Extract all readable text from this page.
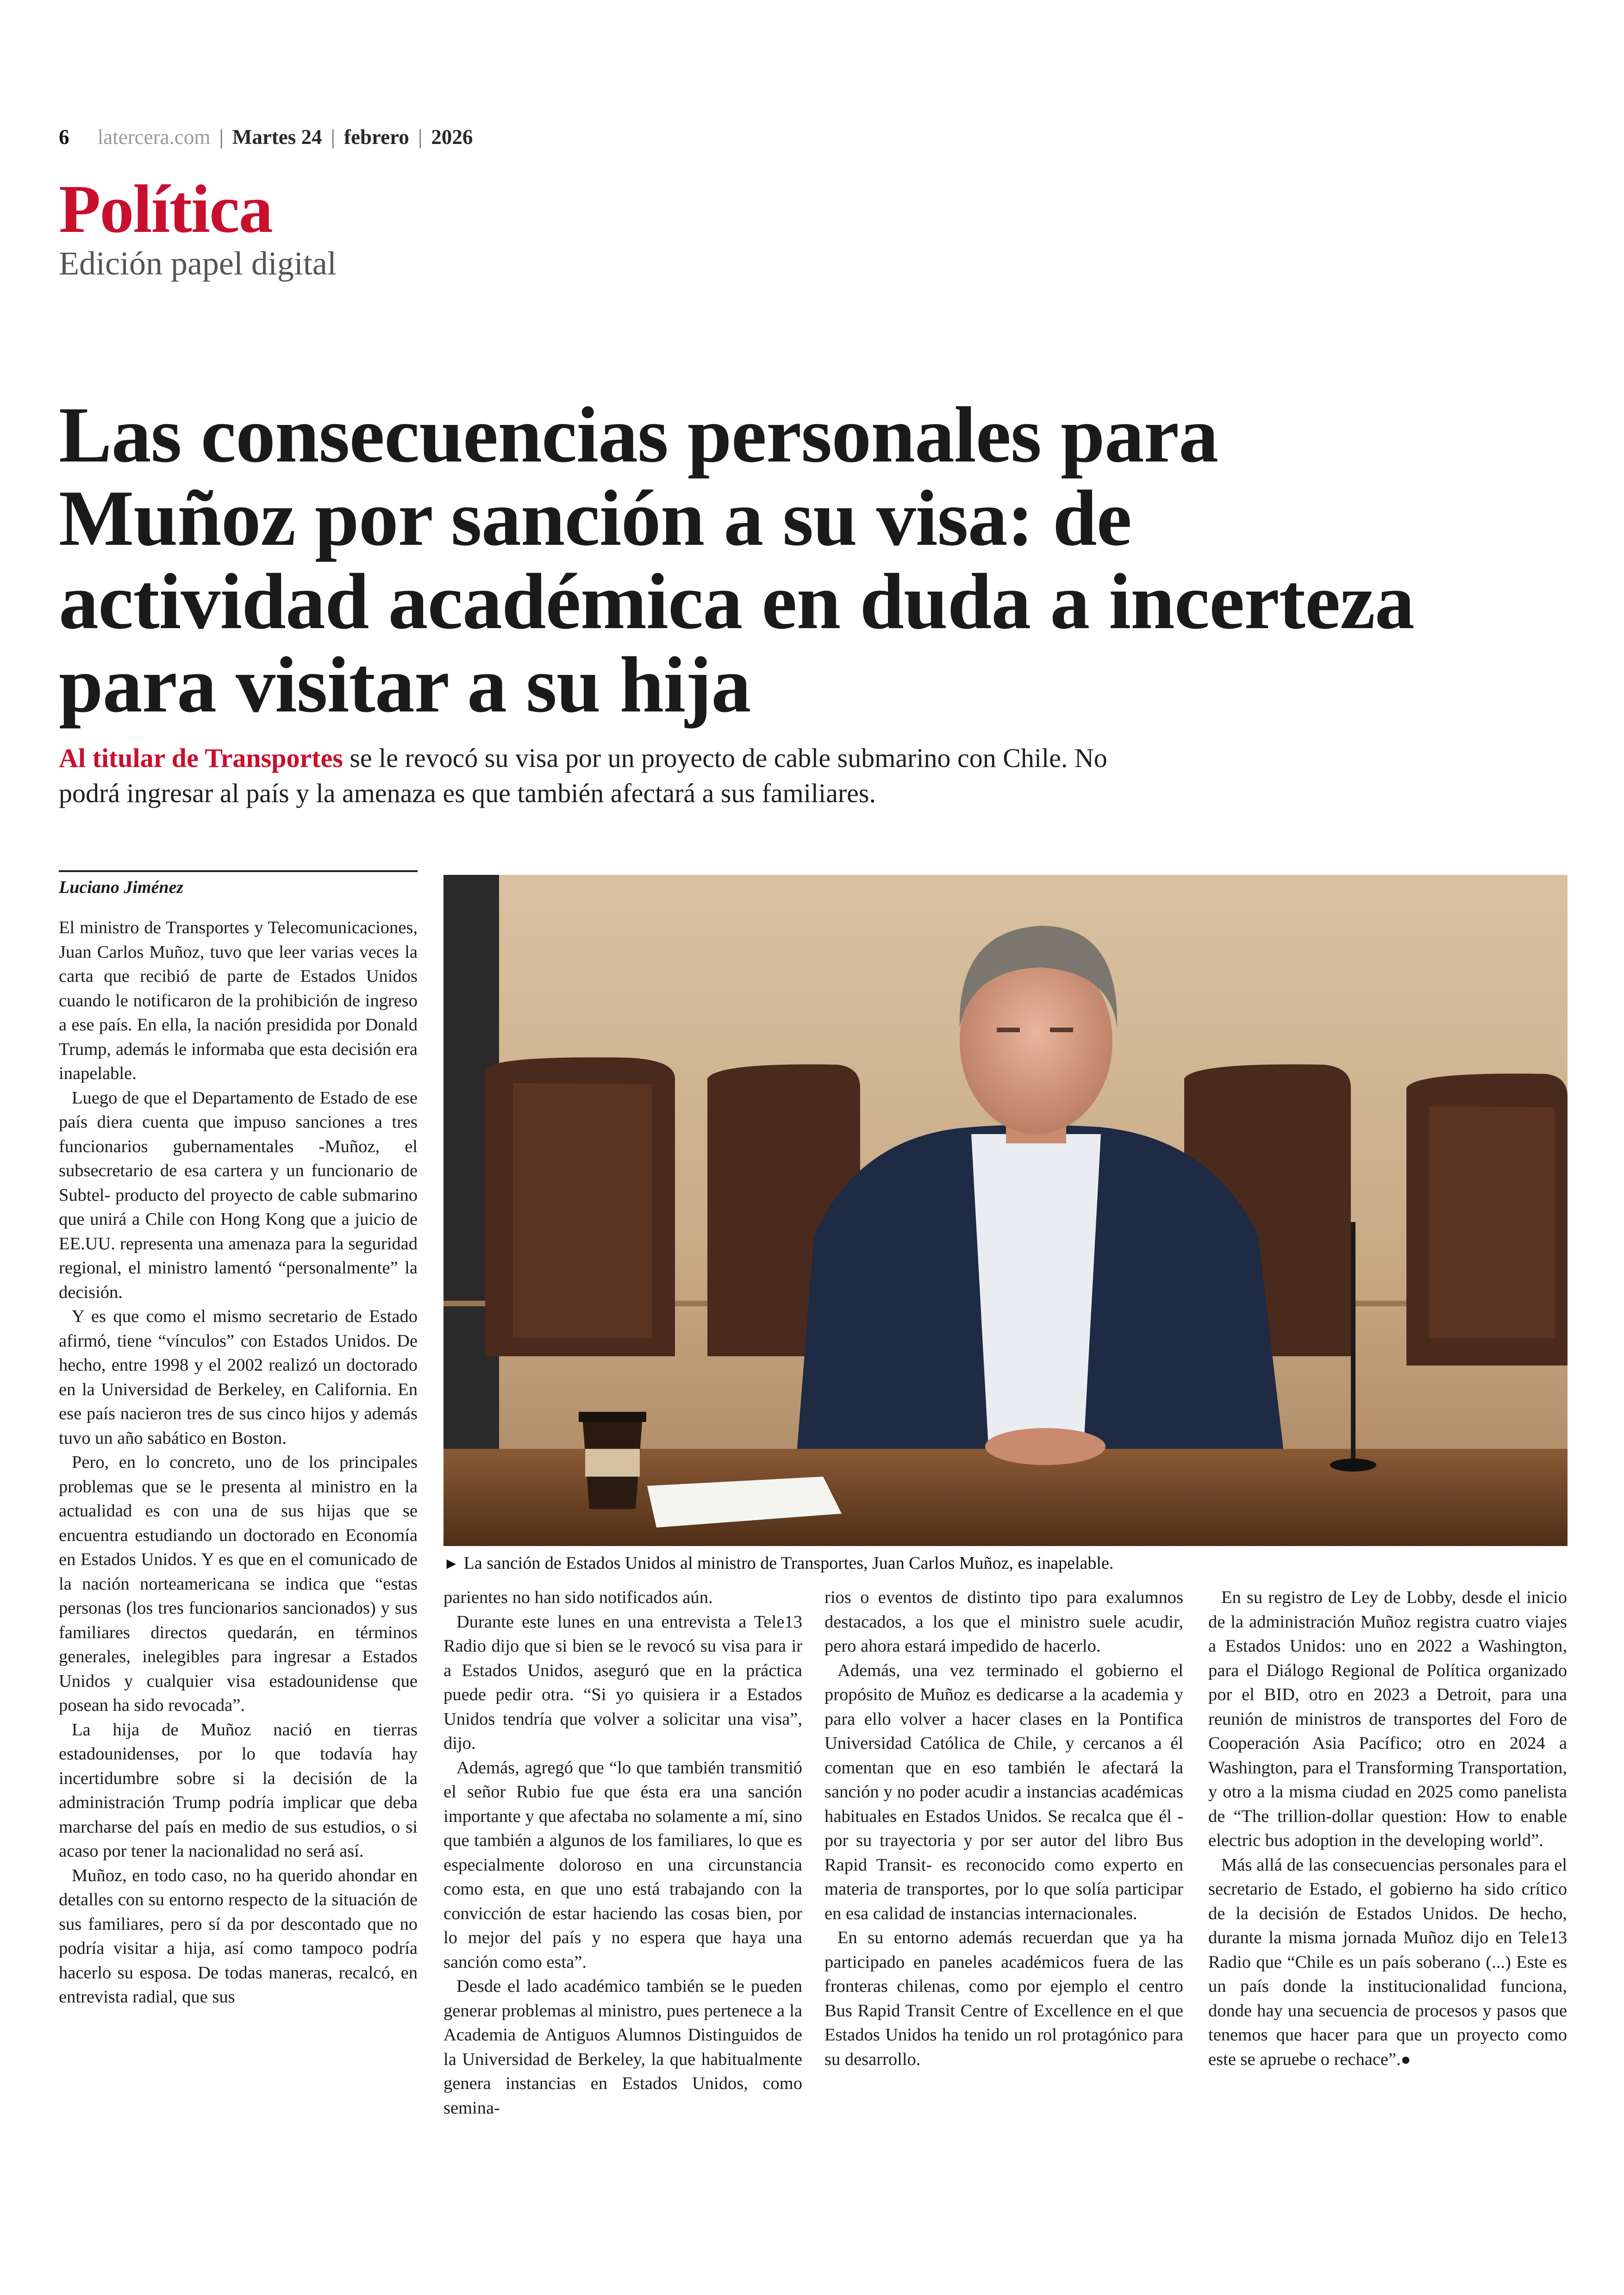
6 latercera.com | Martes 24 | febrero | 2026
Política
Edición papel digital
Las consecuencias personales para Muñoz por sanción a su visa: de actividad académica en duda a incerteza para visitar a su hija
Al titular de Transportes se le revocó su visa por un proyecto de cable submarino con Chile. No podrá ingresar al país y la amenaza es que también afectará a sus familiares.
Luciano Jiménez
► La sanción de Estados Unidos al ministro de Transportes, Juan Carlos Muñoz, es inapelable.

El ministro de Transportes y Telecomunicaciones, Juan Carlos Muñoz, tuvo que leer varias veces la carta que recibió de parte de Estados Unidos cuando le notificaron de la prohibición de ingreso a ese país. En ella, la nación presidida por Donald Trump, además le informaba que esta decisión era inapelable.

Luego de que el Departamento de Estado de ese país diera cuenta que impuso sanciones a tres funcionarios gubernamentales -Muñoz, el subsecretario de esa cartera y un funcionario de Subtel- producto del proyecto de cable submarino que unirá a Chile con Hong Kong que a juicio de EE.UU. representa una amenaza para la seguridad regional, el ministro lamentó “personalmente” la decisión.

Y es que como el mismo secretario de Estado afirmó, tiene “vínculos” con Estados Unidos. De hecho, entre 1998 y el 2002 realizó un doctorado en la Universidad de Berkeley, en California. En ese país nacieron tres de sus cinco hijos y además tuvo un año sabático en Boston.

Pero, en lo concreto, uno de los principales problemas que se le presenta al ministro en la actualidad es con una de sus hijas que se encuentra estudiando un doctorado en Economía en Estados Unidos. Y es que en el comunicado de la nación norteamericana se indica que “estas personas (los tres funcionarios sancionados) y sus familiares directos quedarán, en términos generales, inelegibles para ingresar a Estados Unidos y cualquier visa estadounidense que posean ha sido revocada”.

La hija de Muñoz nació en tierras estadounidenses, por lo que todavía hay incertidumbre sobre si la decisión de la administración Trump podría implicar que deba marcharse del país en medio de sus estudios, o si acaso por tener la nacionalidad no será así.

Muñoz, en todo caso, no ha querido ahondar en detalles con su entorno respecto de la situación de sus familiares, pero sí da por descontado que no podría visitar a hija, así como tampoco podría hacerlo su esposa. De todas maneras, recalcó, en entrevista radial, que sus

parientes no han sido notificados aún.

Durante este lunes en una entrevista a Tele13 Radio dijo que si bien se le revocó su visa para ir a Estados Unidos, aseguró que en la práctica puede pedir otra. “Si yo quisiera ir a Estados Unidos tendría que volver a solicitar una visa”, dijo.

Además, agregó que “lo que también transmitió el señor Rubio fue que ésta era una sanción importante y que afectaba no solamente a mí, sino que también a algunos de los familiares, lo que es especialmente doloroso en una circunstancia como esta, en que uno está trabajando con la convicción de estar haciendo las cosas bien, por lo mejor del país y no espera que haya una sanción como esta”.

Desde el lado académico también se le pueden generar problemas al ministro, pues pertenece a la Academia de Antiguos Alumnos Distinguidos de la Universidad de Berkeley, la que habitualmente genera instancias en Estados Unidos, como semina-

rios o eventos de distinto tipo para exalumnos destacados, a los que el ministro suele acudir, pero ahora estará impedido de hacerlo.

Además, una vez terminado el gobierno el propósito de Muñoz es dedicarse a la academia y para ello volver a hacer clases en la Pontifica Universidad Católica de Chile, y cercanos a él comentan que en eso también le afectará la sanción y no poder acudir a instancias académicas habituales en Estados Unidos. Se recalca que él -por su trayectoria y por ser autor del libro Bus Rapid Transit- es reconocido como experto en materia de transportes, por lo que solía participar en esa calidad de instancias internacionales.

En su entorno además recuerdan que ya ha participado en paneles académicos fuera de las fronteras chilenas, como por ejemplo el centro Bus Rapid Transit Centre of Excellence en el que Estados Unidos ha tenido un rol protagónico para su desarrollo.

En su registro de Ley de Lobby, desde el inicio de la administración Muñoz registra cuatro viajes a Estados Unidos: uno en 2022 a Washington, para el Diálogo Regional de Política organizado por el BID, otro en 2023 a Detroit, para una reunión de ministros de transportes del Foro de Cooperación Asia Pacífico; otro en 2024 a Washington, para el Transforming Transportation, y otro a la misma ciudad en 2025 como panelista de “The trillion-dollar question: How to enable electric bus adoption in the developing world”.

Más allá de las consecuencias personales para el secretario de Estado, el gobierno ha sido crítico de la decisión de Estados Unidos. De hecho, durante la misma jornada Muñoz dijo en Tele13 Radio que “Chile es un país soberano (...) Este es un país donde la institucionalidad funciona, donde hay una secuencia de procesos y pasos que tenemos que hacer para que un proyecto como este se apruebe o rechace”.●
